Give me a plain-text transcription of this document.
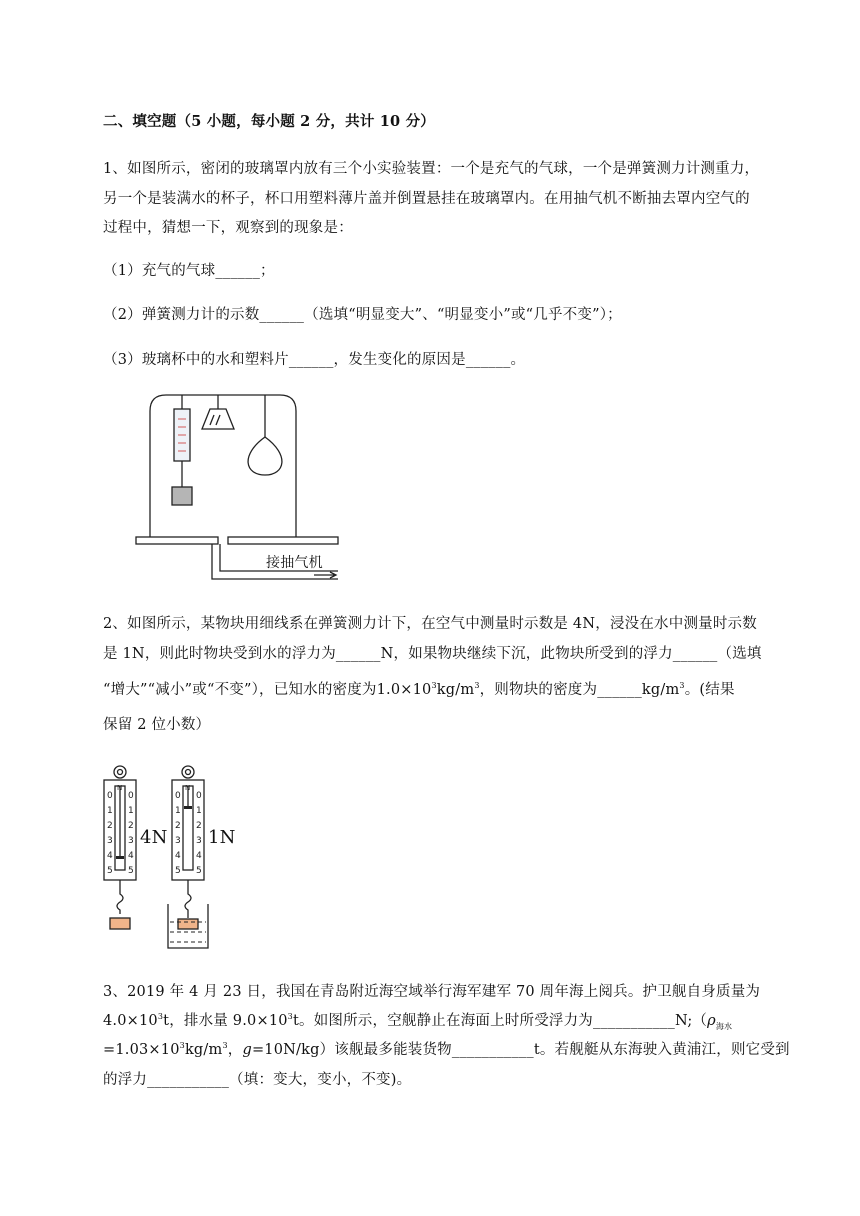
二、填空题（5 小题，每小题 2 分，共计 10 分）
1、如图所示，密闭的玻璃罩内放有三个小实验装置：一个是充气的气球，一个是弹簧测力计测重力，
另一个是装满水的杯子，杯口用塑料薄片盖并倒置悬挂在玻璃罩内。在用抽气机不断抽去罩内空气的
过程中，猜想一下，观察到的现象是：
（1）充气的气球______；
（2）弹簧测力计的示数______（选填“明显变大”、“明显变小”或“几乎不变”）；
（3）玻璃杯中的水和塑料片______，发生变化的原因是______。
接抽气机
2、如图所示，某物块用细线系在弹簧测力计下，在空气中测量时示数是 4N，浸没在水中测量时示数
是 1N，则此时物块受到水的浮力为______N，如果物块继续下沉，此物块所受到的浮力______（选填
“增大”“减小”或“不变”），已知水的密度为$1.0\times 10^3kg/m^3$，则物块的密度为$\_\_\_\_\_\_kg/m^3$。(结果
保留 2 位小数）
0
1
2
3
4
5
0
1
2
3
4
5
0
1
2
3
4
5
0
1
2
3
4
5
N	N
4N 1N
3、2019 年 4 月 23 日，我国在青岛附近海空域举行海军建军 70 周年海上阅兵。护卫舰自身质量为
$4.0\times 10^3t$，排水量 $9.0\times 10^3t$。如图所示，空舰静止在海面上时所受浮力为$\_\_\_\_\_\_\_\_\_\_\_N;(\rho_{海水}$
$=1.03\times 10^3kg/m^3$，g=10N/kg）该舰最多能装货物___________t。若舰艇从东海驶入黄浦江，则它受到
的浮力___________（填：变大，变小，不变)。
